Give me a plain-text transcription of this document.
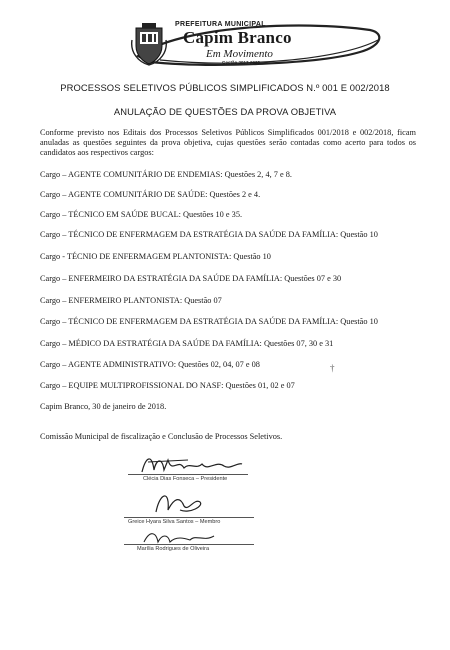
PREFEITURA MUNICIPAL
Capim Branco
Em Movimento
Gestão 2017-2020
PROCESSOS SELETIVOS PÚBLICOS SIMPLIFICADOS N.º 001 E 002/2018
ANULAÇÃO DE QUESTÕES DA PROVA OBJETIVA
Conforme previsto nos Editais dos Processos Seletivos Públicos Simplificados 001/2018 e 002/2018, ficam anuladas as questões seguintes da prova objetiva, cujas questões serão contadas como acerto para todos os candidatos aos respectivos cargos:
Cargo – AGENTE COMUNITÁRIO DE ENDEMIAS: Questões 2, 4, 7 e 8.
Cargo – AGENTE COMUNITÁRIO DE SAÚDE: Questões 2 e 4.
Cargo – TÉCNICO EM SAÚDE BUCAL: Questões 10 e 35.
Cargo – TÉCNICO DE ENFERMAGEM DA ESTRATÉGIA DA SAÚDE DA FAMÍLIA: Questão 10
Cargo - TÉCNIO DE ENFERMAGEM PLANTONISTA: Questão 10
Cargo – ENFERMEIRO DA ESTRATÉGIA DA SAÚDE DA FAMÍLIA: Questões 07 e 30
Cargo – ENFERMEIRO PLANTONISTA: Questão 07
Cargo – TÉCNICO DE ENFERMAGEM DA ESTRATÉGIA DA SAÚDE DA FAMÍLIA: Questão 10
Cargo – MÉDICO DA ESTRATÉGIA DA SAÚDE DA FAMÍLIA: Questões 07, 30 e 31
Cargo – AGENTE ADMINISTRATIVO: Questões 02, 04, 07 e 08
Cargo – EQUIPE MULTIPROFISSIONAL DO NASF: Questões 01, 02 e 07
†
Capim Branco, 30 de janeiro de 2018.
Comissão Municipal de fiscalização e Conclusão de Processos Seletivos.
Clécia Dias Fonseca – Presidente
Greice Hyara Silva Santos – Membro
Marília Rodrigues de Oliveira
